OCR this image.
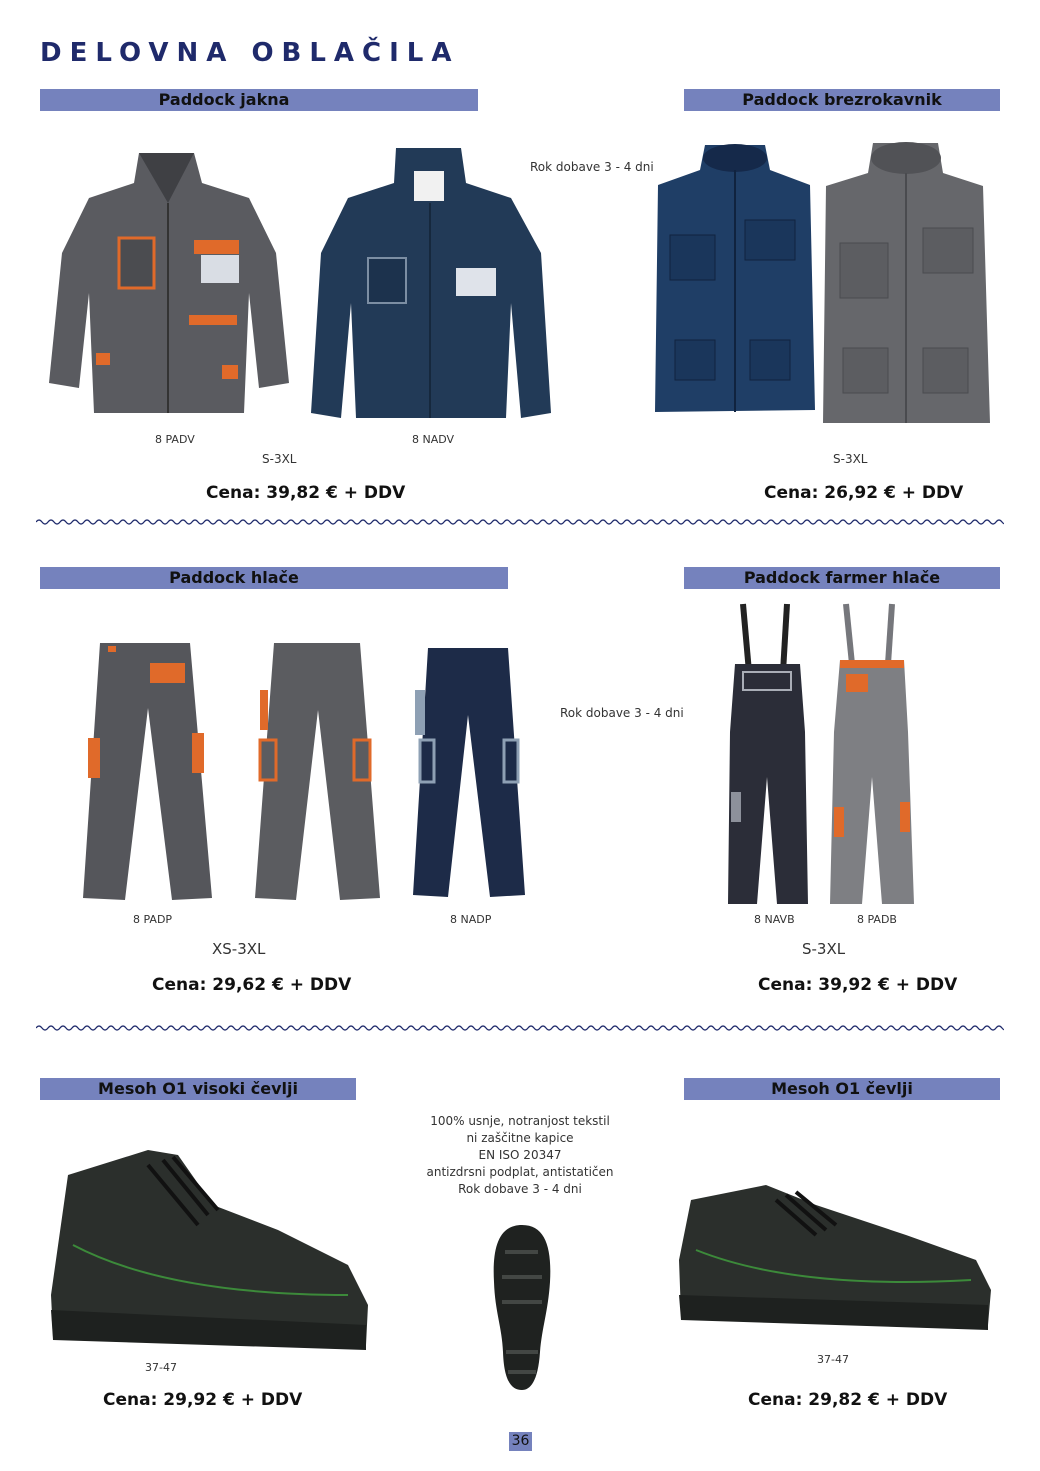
DELOVNA OBLAČILA
Paddock jakna
8 PADV	8 NADV
S-3XL
Cena: 39,82 € + DDV
Paddock brezrokavnik
Rok dobave 3 - 4 dni
S-3XL
Cena: 26,92 € + DDV
Paddock hlače
8 PADP	8 NADP
XS-3XL
Cena: 29,62 € + DDV
Paddock farmer hlače
Rok dobave 3 - 4 dni
8 NAVB	8 PADB
S-3XL
Cena: 39,92 € + DDV
Mesoh O1 visoki čevlji
37-47
Cena: 29,92 € + DDV
100% usnje, notranjost tekstil
ni zaščitne kapice
EN ISO 20347
antizdrsni podplat, antistatičen
Rok dobave 3 - 4 dni
Mesoh O1 čevlji
37-47
Cena: 29,82 € + DDV
36
